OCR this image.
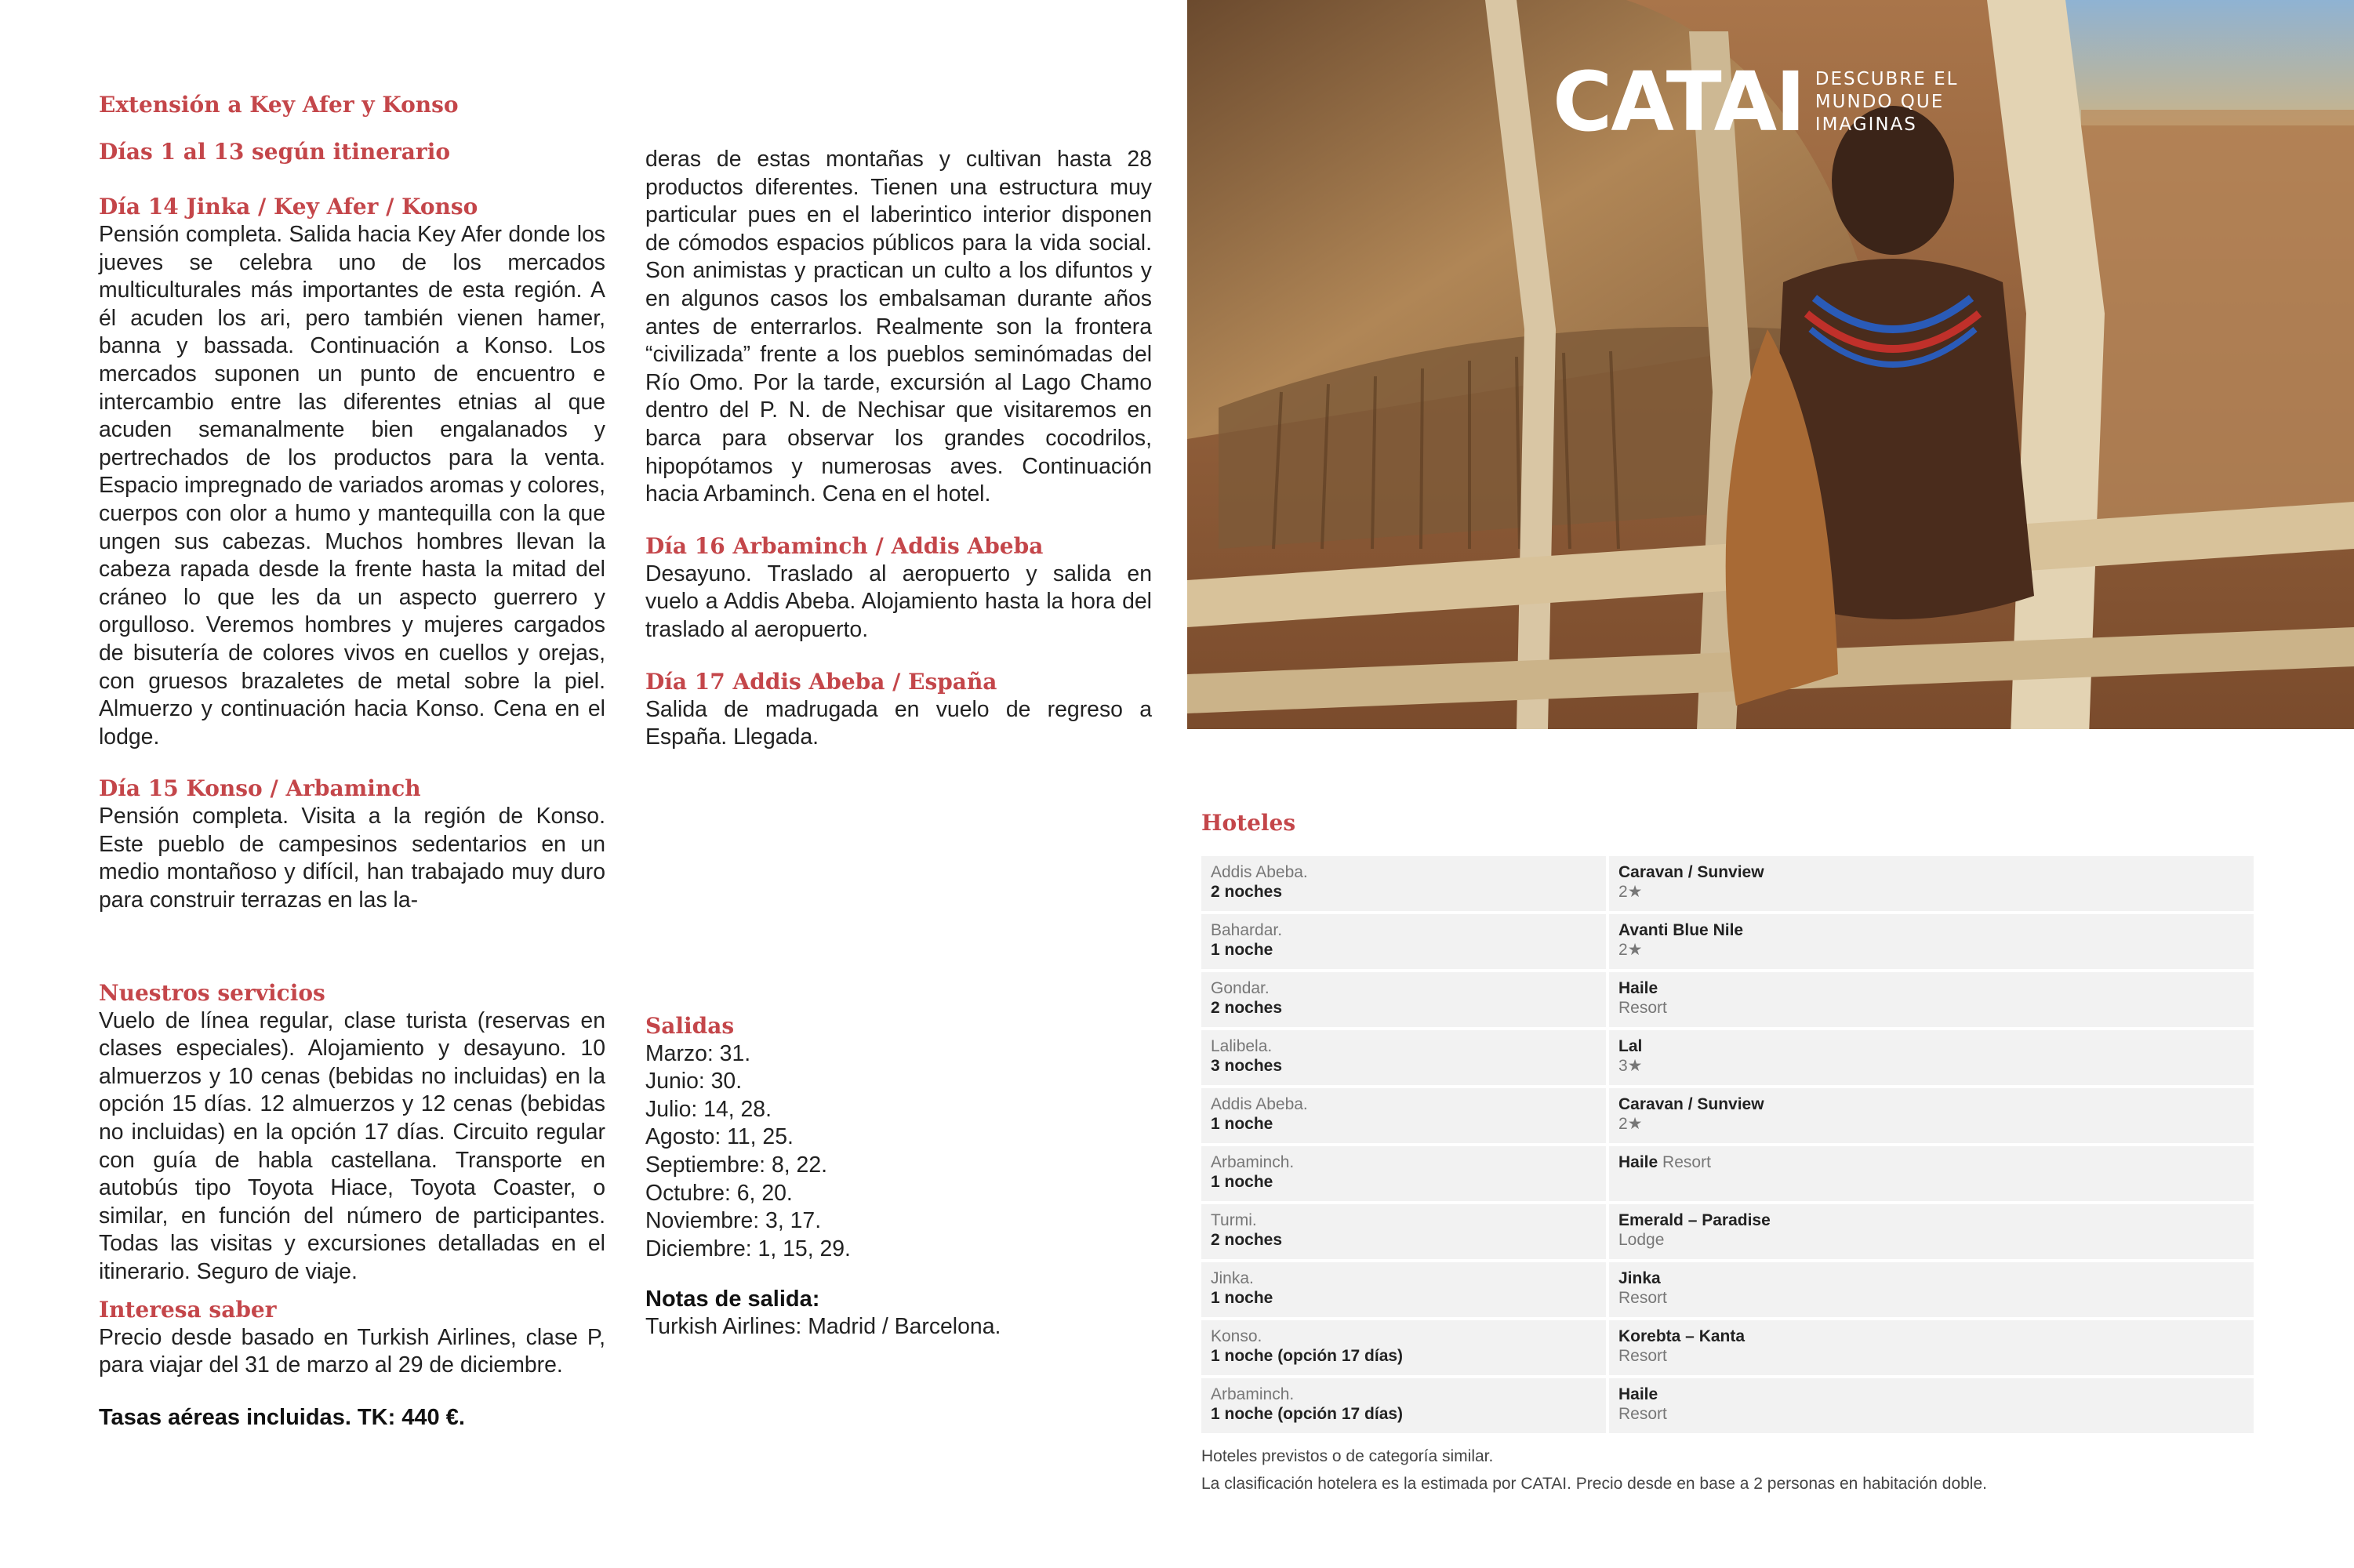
Extensión a Key Afer y Konso

Días 1 al 13 según itinerario

Día 14 Jinka / Key Afer / Konso

Pensión completa. Salida hacia Key Afer donde los jueves se celebra uno de los mercados multiculturales más importantes de esta región. A él acuden los ari, pero también vienen hamer, banna y bassada. Continuación a Konso. Los mercados suponen un punto de encuentro e intercambio entre las diferentes etnias al que acuden semanalmente bien engalanados y pertrechados de los productos para la venta. Espacio impregnado de variados aromas y colores, cuerpos con olor a humo y mantequilla con la que ungen sus cabezas. Muchos hombres llevan la cabeza rapada desde la frente hasta la mitad del cráneo lo que les da un aspecto guerrero y orgulloso. Veremos hombres y mujeres cargados de bisutería de colores vivos en cuellos y orejas, con gruesos brazaletes de metal sobre la piel. Almuerzo y continuación hacia Konso. Cena en el lodge.

Día 15 Konso / Arbaminch

Pensión completa. Visita a la región de Konso. Este pueblo de campesinos sedentarios en un medio montañoso y difícil, han trabajado muy duro para construir terrazas en las la-

Nuestros servicios

Vuelo de línea regular, clase turista (reservas en clases especiales). Alojamiento y desayuno. 10 almuerzos y 10 cenas (bebidas no incluidas) en la opción 15 días. 12 almuerzos y 12 cenas (bebidas no incluidas) en la opción 17 días. Circuito regular con guía de habla castellana. Transporte en autobús tipo Toyota Hiace, Toyota Coaster, o similar, en función del número de participantes. Todas las visitas y excursiones detalladas en el itinerario. Seguro de viaje.

Interesa saber

Precio desde basado en Turkish Airlines, clase P, para viajar del 31 de marzo al 29 de diciembre.

Tasas aéreas incluidas. TK: 440 €.

deras de estas montañas y cultivan hasta 28 productos diferentes. Tienen una estructura muy particular pues en el laberintico interior disponen de cómodos espacios públicos para la vida social. Son animistas y practican un culto a los difuntos y en algunos casos los embalsaman durante años antes de enterrarlos. Realmente son la frontera “civilizada” frente a los pueblos seminómadas del Río Omo. Por la tarde, excursión al Lago Chamo dentro del P. N. de Nechisar que visitaremos en barca para observar los grandes cocodrilos, hipopótamos y numerosas aves. Continuación hacia Arbaminch. Cena en el hotel.

Día 16 Arbaminch / Addis Abeba

Desayuno. Traslado al aeropuerto y salida en vuelo a Addis Abeba. Alojamiento hasta la hora del traslado al aeropuerto.

Día 17 Addis Abeba / España

Salida de madrugada en vuelo de regreso a España. Llegada.

Salidas

Marzo: 31.
Junio: 30.
Julio: 14, 28.
Agosto: 11, 25.
Septiembre: 8, 22.
Octubre: 6, 20.
Noviembre: 3, 17.
Diciembre: 1, 15, 29.

Notas de salida:

Turkish Airlines: Madrid / Barcelona.

CATAI DESCUBRE EL
MUNDO QUE
IMAGINAS

Hoteles

Addis Abeba.
2 noches
Caravan / Sunview
2★
Bahardar.
1 noche
Avanti Blue Nile
2★
Gondar.
2 noches
Haile
Resort
Lalibela.
3 noches
Lal
3★
Addis Abeba.
1 noche
Caravan / Sunview
2★
Arbaminch.
1 noche
Haile Resort
Turmi.
2 noches
Emerald – Paradise
Lodge
Jinka.
1 noche
Jinka
Resort
Konso.
1 noche (opción 17 días)
Korebta – Kanta
Resort
Arbaminch.
1 noche (opción 17 días)
Haile
Resort
Hoteles previstos o de categoría similar.
La clasificación hotelera es la estimada por CATAI. Precio desde en base a 2 personas en habitación doble.
